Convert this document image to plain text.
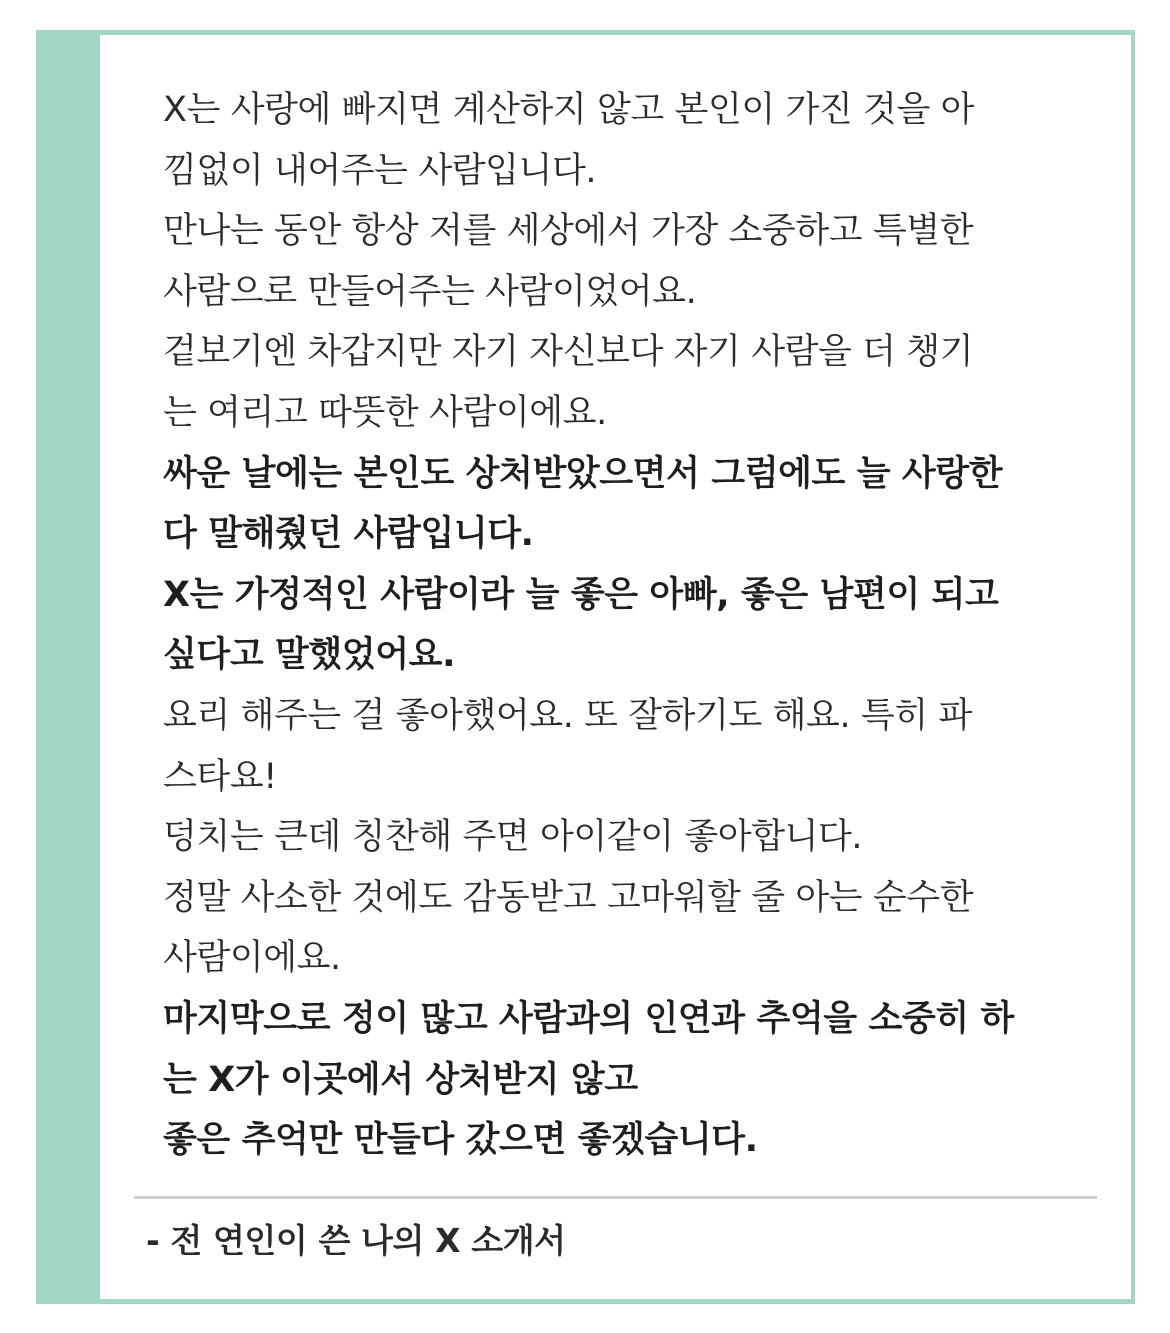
X는 사랑에 빠지면 계산하지 않고 본인이 가진 것을 아
낌없이 내어주는 사람입니다.
만나는 동안 항상 저를 세상에서 가장 소중하고 특별한
사람으로 만들어주는 사람이었어요.
겉보기엔 차갑지만 자기 자신보다 자기 사람을 더 챙기
는 여리고 따뜻한 사람이에요.
싸운 날에는 본인도 상처받았으면서 그럼에도 늘 사랑한
다 말해줬던 사람입니다.
X는 가정적인 사람이라 늘 좋은 아빠, 좋은 남편이 되고
싶다고 말했었어요.
요리 해주는 걸 좋아했어요. 또 잘하기도 해요. 특히 파
스타요!
덩치는 큰데 칭찬해 주면 아이같이 좋아합니다.
정말 사소한 것에도 감동받고 고마워할 줄 아는 순수한
사람이에요.
마지막으로 정이 많고 사람과의 인연과 추억을 소중히 하
는 X가 이곳에서 상처받지 않고
좋은 추억만 만들다 갔으면 좋겠습니다.
- 전 연인이 쓴 나의 X 소개서
